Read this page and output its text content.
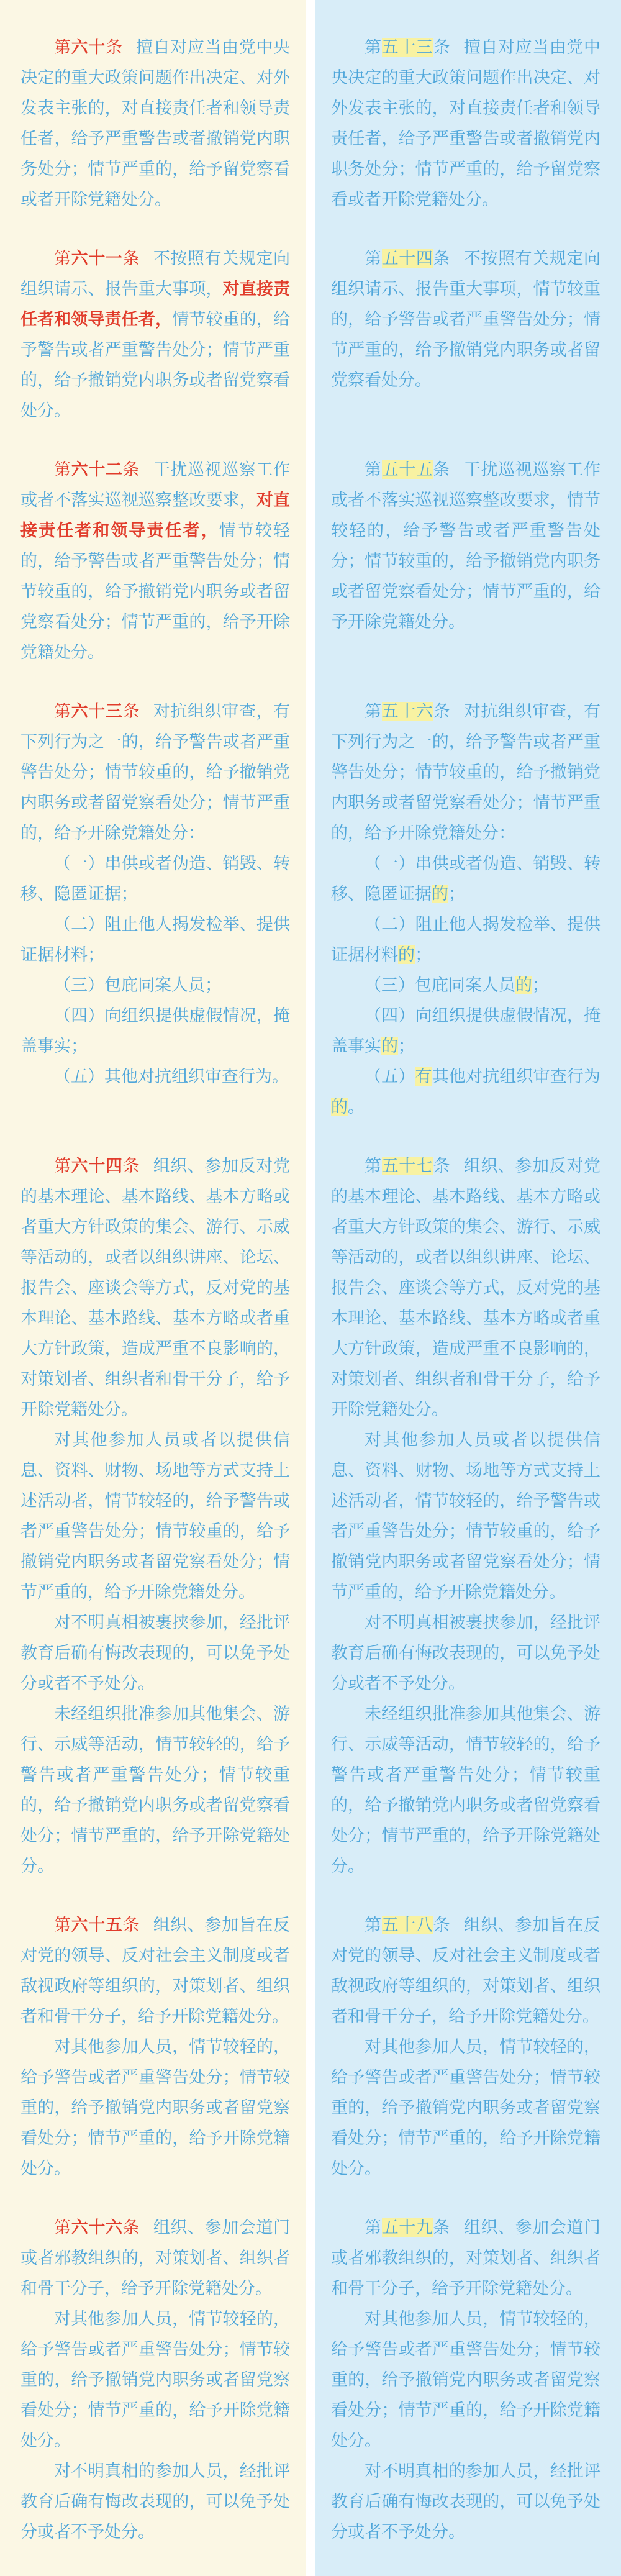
第六十条 擅自对应当由党中央决定的重大政策问题作出决定、对外发表主张的，对直接责任者和领导责任者，给予严重警告或者撤销党内职务处分；情节严重的，给予留党察看或者开除党籍处分。

第五十三条 擅自对应当由党中央决定的重大政策问题作出决定、对外发表主张的，对直接责任者和领导责任者，给予严重警告或者撤销党内职务处分；情节严重的，给予留党察看或者开除党籍处分。

第六十一条 不按照有关规定向组织请示、报告重大事项，对直接责任者和领导责任者，情节较重的，给予警告或者严重警告处分；情节严重的，给予撤销党内职务或者留党察看处分。

第五十四条 不按照有关规定向组织请示、报告重大事项，情节较重的，给予警告或者严重警告处分；情节严重的，给予撤销党内职务或者留党察看处分。

第六十二条 干扰巡视巡察工作或者不落实巡视巡察整改要求，对直接责任者和领导责任者，情节较轻的，给予警告或者严重警告处分；情节较重的，给予撤销党内职务或者留党察看处分；情节严重的，给予开除党籍处分。

第五十五条 干扰巡视巡察工作或者不落实巡视巡察整改要求，情节较轻的，给予警告或者严重警告处分；情节较重的，给予撤销党内职务或者留党察看处分；情节严重的，给予开除党籍处分。

第六十三条 对抗组织审查，有下列行为之一的，给予警告或者严重警告处分；情节较重的，给予撤销党内职务或者留党察看处分；情节严重的，给予开除党籍处分：

（一）串供或者伪造、销毁、转移、隐匿证据；

（二）阻止他人揭发检举、提供证据材料；

（三）包庇同案人员；

（四）向组织提供虚假情况，掩盖事实；

（五）其他对抗组织审查行为。

第五十六条 对抗组织审查，有下列行为之一的，给予警告或者严重警告处分；情节较重的，给予撤销党内职务或者留党察看处分；情节严重的，给予开除党籍处分：

（一）串供或者伪造、销毁、转移、隐匿证据的；

（二）阻止他人揭发检举、提供证据材料的；

（三）包庇同案人员的；

（四）向组织提供虚假情况，掩盖事实的；

（五）有其他对抗组织审查行为的。

第六十四条 组织、参加反对党的基本理论、基本路线、基本方略或者重大方针政策的集会、游行、示威等活动的，或者以组织讲座、论坛、报告会、座谈会等方式，反对党的基本理论、基本路线、基本方略或者重大方针政策，造成严重不良影响的，对策划者、组织者和骨干分子，给予开除党籍处分。

对其他参加人员或者以提供信息、资料、财物、场地等方式支持上述活动者，情节较轻的，给予警告或者严重警告处分；情节较重的，给予撤销党内职务或者留党察看处分；情节严重的，给予开除党籍处分。

对不明真相被裹挟参加，经批评教育后确有悔改表现的，可以免予处分或者不予处分。

未经组织批准参加其他集会、游行、示威等活动，情节较轻的，给予警告或者严重警告处分；情节较重的，给予撤销党内职务或者留党察看处分；情节严重的，给予开除党籍处分。

第五十七条 组织、参加反对党的基本理论、基本路线、基本方略或者重大方针政策的集会、游行、示威等活动的，或者以组织讲座、论坛、报告会、座谈会等方式，反对党的基本理论、基本路线、基本方略或者重大方针政策，造成严重不良影响的，对策划者、组织者和骨干分子，给予开除党籍处分。

对其他参加人员或者以提供信息、资料、财物、场地等方式支持上述活动者，情节较轻的，给予警告或者严重警告处分；情节较重的，给予撤销党内职务或者留党察看处分；情节严重的，给予开除党籍处分。

对不明真相被裹挟参加，经批评教育后确有悔改表现的，可以免予处分或者不予处分。

未经组织批准参加其他集会、游行、示威等活动，情节较轻的，给予警告或者严重警告处分；情节较重的，给予撤销党内职务或者留党察看处分；情节严重的，给予开除党籍处分。

第六十五条 组织、参加旨在反对党的领导、反对社会主义制度或者敌视政府等组织的，对策划者、组织者和骨干分子，给予开除党籍处分。

对其他参加人员，情节较轻的，给予警告或者严重警告处分；情节较重的，给予撤销党内职务或者留党察看处分；情节严重的，给予开除党籍处分。

第五十八条 组织、参加旨在反对党的领导、反对社会主义制度或者敌视政府等组织的，对策划者、组织者和骨干分子，给予开除党籍处分。

对其他参加人员，情节较轻的，给予警告或者严重警告处分；情节较重的，给予撤销党内职务或者留党察看处分；情节严重的，给予开除党籍处分。

第六十六条 组织、参加会道门或者邪教组织的，对策划者、组织者和骨干分子，给予开除党籍处分。

对其他参加人员，情节较轻的，给予警告或者严重警告处分；情节较重的，给予撤销党内职务或者留党察看处分；情节严重的，给予开除党籍处分。

对不明真相的参加人员，经批评教育后确有悔改表现的，可以免予处分或者不予处分。

第五十九条 组织、参加会道门或者邪教组织的，对策划者、组织者和骨干分子，给予开除党籍处分。

对其他参加人员，情节较轻的，给予警告或者严重警告处分；情节较重的，给予撤销党内职务或者留党察看处分；情节严重的，给予开除党籍处分。

对不明真相的参加人员，经批评教育后确有悔改表现的，可以免予处分或者不予处分。
